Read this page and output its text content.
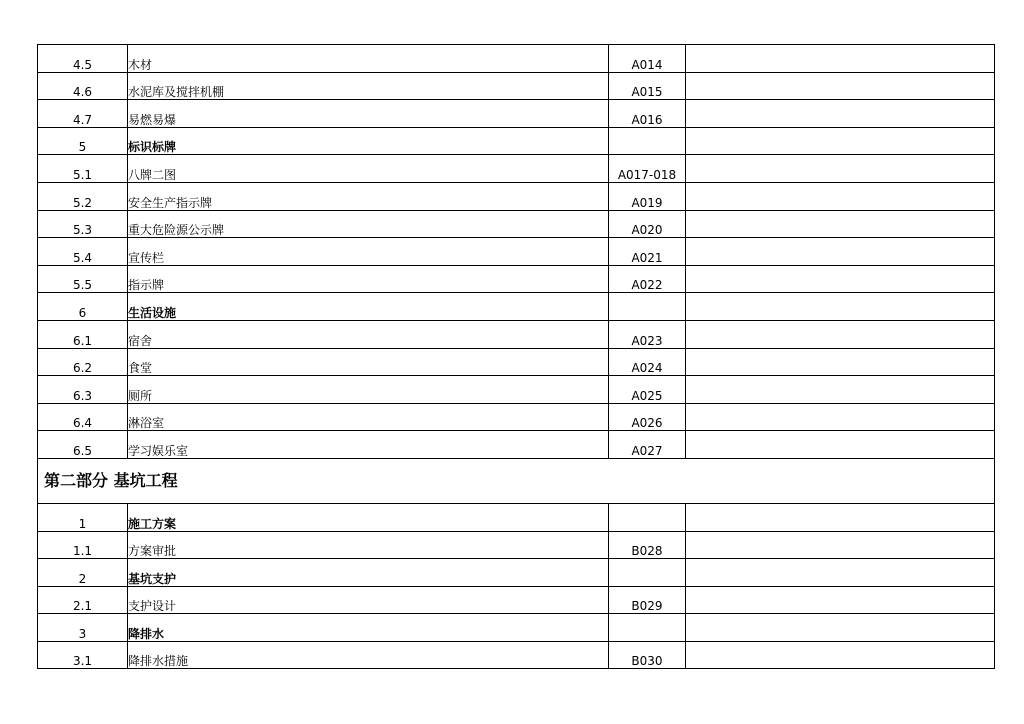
4.5	木材	A014	
4.6	水泥库及搅拌机棚	A015	
4.7	易燃易爆	A016	
5	标识标牌		
5.1	八牌二图	A017-018	
5.2	安全生产指示牌	A019	
5.3	重大危险源公示牌	A020	
5.4	宣传栏	A021	
5.5	指示牌	A022	
6	生活设施		
6.1	宿舍	A023	
6.2	食堂	A024	
6.3	厕所	A025	
6.4	淋浴室	A026	
6.5	学习娱乐室	A027	
第二部分 基坑工程			
1	施工方案		
1.1	方案审批	B028	
2	基坑支护		
2.1	支护设计	B029	
3	降排水		
3.1	降排水措施	B030	
